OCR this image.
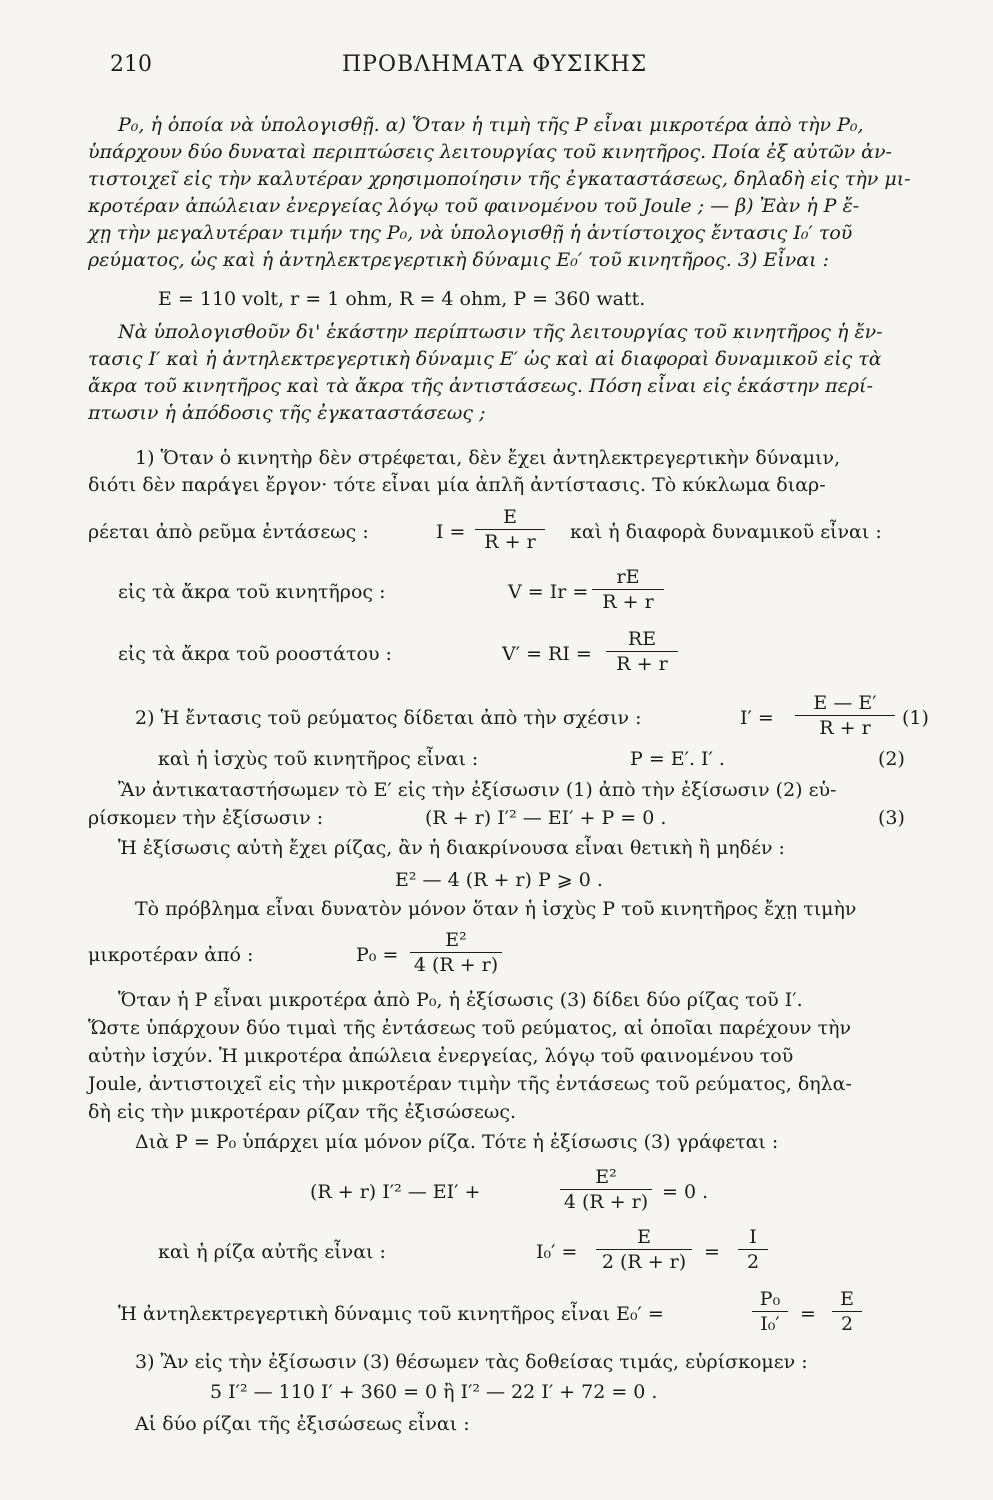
210	ΠΡΟΒΛΗΜΑΤΑ ΦΥΣΙΚΗΣ
P₀, ἡ ὁποία νὰ ὑπολογισθῇ. α) Ὅταν ἡ τιμὴ τῆς P εἶναι μικροτέρα ἀπὸ τὴν P₀,
ὑπάρχουν δύο δυναταὶ περιπτώσεις λειτουργίας τοῦ κινητῆρος. Ποία ἐξ αὐτῶν ἀν-
τιστοιχεῖ εἰς τὴν καλυτέραν χρησιμοποίησιν τῆς ἐγκαταστάσεως, δηλαδὴ εἰς τὴν μι-
κροτέραν ἀπώλειαν ἐνεργείας λόγῳ τοῦ φαινομένου τοῦ Joule ; — β) Ἐὰν ἡ P ἔ-
χῃ τὴν μεγαλυτέραν τιμήν της P₀, νὰ ὑπολογισθῇ ἡ ἀντίστοιχος ἔντασις I₀′ τοῦ
ρεύματος, ὡς καὶ ἡ ἀντηλεκτρεγερτικὴ δύναμις E₀′ τοῦ κινητῆρος. 3) Εἶναι :
E = 110 volt, r = 1 ohm, R = 4 ohm, P = 360 watt.
Νὰ ὑπολογισθοῦν δι' ἑκάστην περίπτωσιν τῆς λειτουργίας τοῦ κινητῆρος ἡ ἔν-
τασις I′ καὶ ἡ ἀντηλεκτρεγερτικὴ δύναμις E′ ὡς καὶ αἱ διαφοραὶ δυναμικοῦ εἰς τὰ
ἄκρα τοῦ κινητῆρος καὶ τὰ ἄκρα τῆς ἀντιστάσεως. Πόση εἶναι εἰς ἑκάστην περί-
πτωσιν ἡ ἀπόδοσις τῆς ἐγκαταστάσεως ;
1) Ὅταν ὁ κινητὴρ δὲν στρέφεται, δὲν ἔχει ἀντηλεκτρεγερτικὴν δύναμιν,
διότι δὲν παράγει ἔργον· τότε εἶναι μία ἁπλῆ ἀντίστασις. Τὸ κύκλωμα διαρ-
ρέεται ἀπὸ ρεῦμα ἐντάσεως :	I =
E
R + r	καὶ ἡ διαφορὰ δυναμικοῦ εἶναι :
εἰς τὰ ἄκρα τοῦ κινητῆρος :	V = Ir =
rE
R + r
εἰς τὰ ἄκρα τοῦ ροοστάτου :	V′ = RI =
RE
R + r
2) Ἡ ἔντασις τοῦ ρεύματος δίδεται ἀπὸ τὴν σχέσιν :	I′ =
E — E′
R + r	(1)
καὶ ἡ ἰσχὺς τοῦ κινητῆρος εἶναι :	P = E′. I′ .	(2)
Ἂν ἀντικαταστήσωμεν τὸ E′ εἰς τὴν ἐξίσωσιν (1) ἀπὸ τὴν ἐξίσωσιν (2) εὑ-
ρίσκομεν τὴν ἐξίσωσιν :	(R + r) I′² — EI′ + P = 0 .	(3)
Ἡ ἐξίσωσις αὐτὴ ἔχει ρίζας, ἂν ἡ διακρίνουσα εἶναι θετικὴ ἢ μηδέν :
E² — 4 (R + r) P ⩾ 0 .
Τὸ πρόβλημα εἶναι δυνατὸν μόνον ὅταν ἡ ἰσχὺς P τοῦ κινητῆρος ἔχῃ τιμὴν
μικροτέραν ἀπό :	P₀ =
E²
4 (R + r)
Ὅταν ἡ P εἶναι μικροτέρα ἀπὸ P₀, ἡ ἐξίσωσις (3) δίδει δύο ρίζας τοῦ I′.
Ὥστε ὑπάρχουν δύο τιμαὶ τῆς ἐντάσεως τοῦ ρεύματος, αἱ ὁποῖαι παρέχουν τὴν
αὐτὴν ἰσχύν. Ἡ μικροτέρα ἀπώλεια ἐνεργείας, λόγῳ τοῦ φαινομένου τοῦ
Joule, ἀντιστοιχεῖ εἰς τὴν μικροτέραν τιμὴν τῆς ἐντάσεως τοῦ ρεύματος, δηλα-
δὴ εἰς τὴν μικροτέραν ρίζαν τῆς ἐξισώσεως.
Διὰ P = P₀ ὑπάρχει μία μόνον ρίζα. Τότε ἡ ἐξίσωσις (3) γράφεται :
(R + r) I′² — EI′ +
E²
4 (R + r) = 0 .
καὶ ἡ ρίζα αὐτῆς εἶναι :	I₀′ =
E
2 (R + r) =
I
2
Ἡ ἀντηλεκτρεγερτικὴ δύναμις τοῦ κινητῆρος εἶναι E₀′ =
P₀
I₀′	=
E
2
3) Ἂν εἰς τὴν ἐξίσωσιν (3) θέσωμεν τὰς δοθείσας τιμάς, εὑρίσκομεν :
5 I′² — 110 I′ + 360 = 0 ἢ I′² — 22 I′ + 72 = 0 .
Αἱ δύο ρίζαι τῆς ἐξισώσεως εἶναι :
